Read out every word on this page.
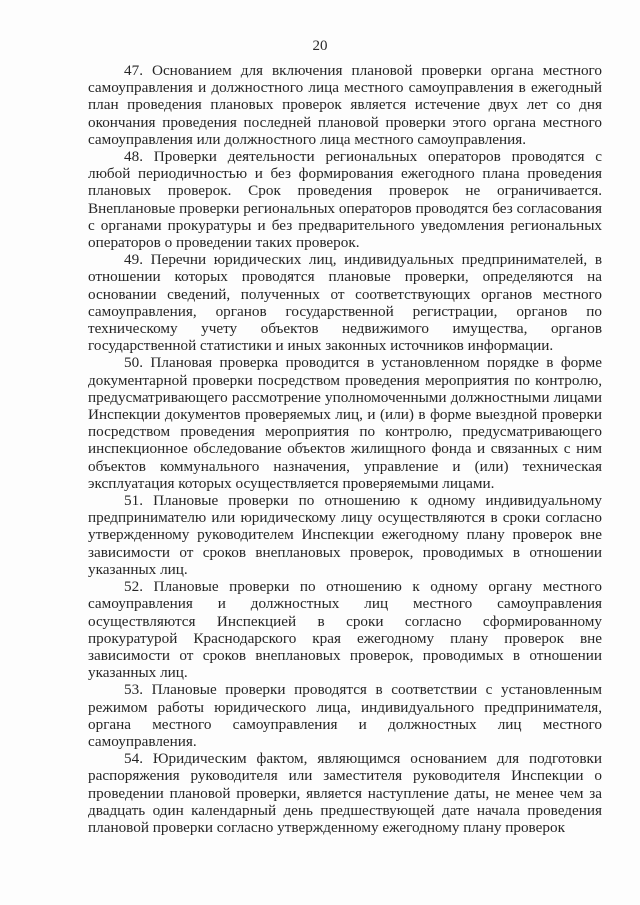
20

47. Основанием для включения плановой проверки органа местного самоуправления и должностного лица местного самоуправления в ежегодный план проведения плановых проверок является истечение двух лет со дня окончания проведения последней плановой проверки этого органа местного самоуправления или должностного лица местного самоуправления.

48. Проверки деятельности региональных операторов проводятся с любой периодичностью и без формирования ежегодного плана проведения плановых проверок. Срок проведения проверок не ограничивается. Внеплановые проверки региональных операторов проводятся без согласования с органами прокуратуры и без предварительного уведомления региональных операторов о проведении таких проверок.

49. Перечни юридических лиц, индивидуальных предпринимателей, в отношении которых проводятся плановые проверки, определяются на основании сведений, полученных от соответствующих органов местного самоуправления, органов государственной регистрации, органов по техническому учету объектов недвижимого имущества, органов государственной статистики и иных законных источников информации.

50. Плановая проверка проводится в установленном порядке в форме документарной проверки посредством проведения мероприятия по контролю, предусматривающего рассмотрение уполномоченными должностными лицами Инспекции документов проверяемых лиц, и (или) в форме выездной проверки посредством проведения мероприятия по контролю, предусматривающего инспекционное обследование объектов жилищного фонда и связанных с ним объектов коммунального назначения, управление и (или) техническая эксплуатация которых осуществляется проверяемыми лицами.

51. Плановые проверки по отношению к одному индивидуальному предпринимателю или юридическому лицу осуществляются в сроки согласно утвержденному руководителем Инспекции ежегодному плану проверок вне зависимости от сроков внеплановых проверок, проводимых в отношении указанных лиц.

52. Плановые проверки по отношению к одному органу местного самоуправления и должностных лиц местного самоуправления осуществляются Инспекцией в сроки согласно сформированному прокуратурой Краснодарского края ежегодному плану проверок вне зависимости от сроков внеплановых проверок, проводимых в отношении указанных лиц.

53. Плановые проверки проводятся в соответствии с установленным режимом работы юридического лица, индивидуального предпринимателя, органа местного самоуправления и должностных лиц местного самоуправления.

54. Юридическим фактом, являющимся основанием для подготовки распоряжения руководителя или заместителя руководителя Инспекции о проведении плановой проверки, является наступление даты, не менее чем за двадцать один календарный день предшествующей дате начала проведения плановой проверки согласно утвержденному ежегодному плану проверок
